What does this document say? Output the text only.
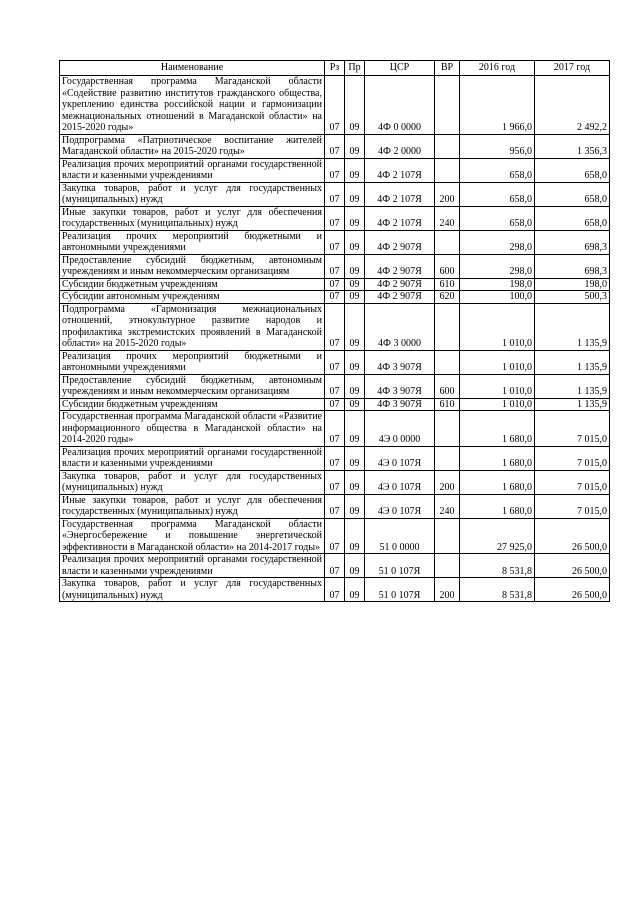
Наименование	Рз	Пр	ЦСР	ВР	2016 год	2017 год
Государственная программа Магаданской области «Содействие развитию институтов гражданского общества, укреплению единства российской нации и гармонизации межнациональных отношений в Магаданской области» на 2015-2020 годы»	07	09	4Ф 0 0000		1 966,0	2 492,2
Подпрограмма «Патриотическое воспитание жителей Магаданской области» на 2015-2020 годы»	07	09	4Ф 2 0000		956,0	1 356,3
Реализация прочих мероприятий органами государственной власти и казенными учреждениями	07	09	4Ф 2 107Я		658,0	658,0
Закупка товаров, работ и услуг для государственных (муниципальных) нужд	07	09	4Ф 2 107Я	200	658,0	658,0
Иные закупки товаров, работ и услуг для обеспечения государственных (муниципальных) нужд	07	09	4Ф 2 107Я	240	658,0	658,0
Реализация прочих мероприятий бюджетными и автономными учреждениями	07	09	4Ф 2 907Я		298,0	698,3
Предоставление субсидий бюджетным, автономным учреждениям и иным некоммерческим организациям	07	09	4Ф 2 907Я	600	298,0	698,3
Субсидии бюджетным учреждениям	07	09	4Ф 2 907Я	610	198,0	198,0
Субсидии автономным учреждениям	07	09	4Ф 2 907Я	620	100,0	500,3
Подпрограмма «Гармонизация межнациональных отношений, этнокультурное развитие народов и профилактика экстремистских проявлений в Магаданской области» на 2015-2020 годы»	07	09	4Ф 3 0000		1 010,0	1 135,9
Реализация прочих мероприятий бюджетными и автономными учреждениями	07	09	4Ф 3 907Я		1 010,0	1 135,9
Предоставление субсидий бюджетным, автономным учреждениям и иным некоммерческим организациям	07	09	4Ф 3 907Я	600	1 010,0	1 135,9
Субсидии бюджетным учреждениям	07	09	4Ф 3 907Я	610	1 010,0	1 135,9
Государственная программа Магаданской области «Развитие информационного общества в Магаданской области» на 2014-2020 годы»	07	09	4Э 0 0000		1 680,0	7 015,0
Реализация прочих мероприятий органами государственной власти и казенными учреждениями	07	09	4Э 0 107Я		1 680,0	7 015,0
Закупка товаров, работ и услуг для государственных (муниципальных) нужд	07	09	4Э 0 107Я	200	1 680,0	7 015,0
Иные закупки товаров, работ и услуг для обеспечения государственных (муниципальных) нужд	07	09	4Э 0 107Я	240	1 680,0	7 015,0
Государственная программа Магаданской области «Энергосбережение и повышение энергетической эффективности в Магаданской области» на 2014-2017 годы»	07	09	51 0 0000		27 925,0	26 500,0
Реализация прочих мероприятий органами государственной власти и казенными учреждениями	07	09	51 0 107Я		8 531,8	26 500,0
Закупка товаров, работ и услуг для государственных (муниципальных) нужд	07	09	51 0 107Я	200	8 531,8	26 500,0
